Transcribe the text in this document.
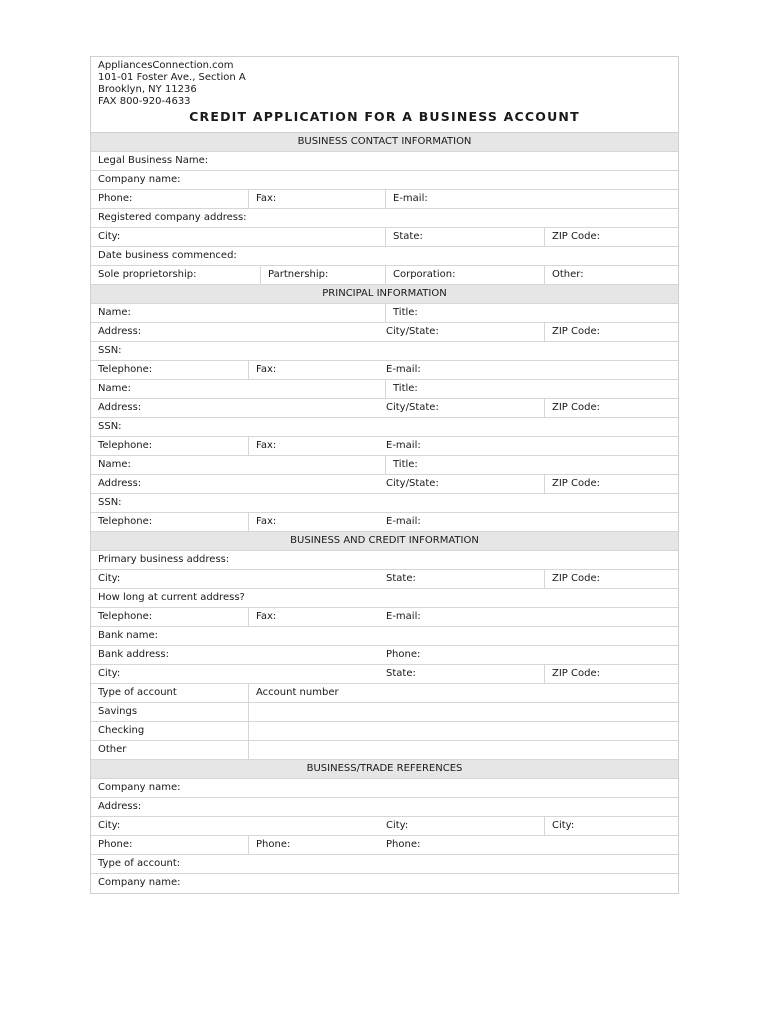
AppliancesConnection.com
101-01 Foster Ave., Section A
Brooklyn, NY 11236
FAX 800-920-4633
CREDIT APPLICATION FOR A BUSINESS ACCOUNT
BUSINESS CONTACT INFORMATION
Legal Business Name:
Company name:
Phone:	Fax:	E-mail:
Registered company address:
City:	State:	ZIP Code:
Date business commenced:
Sole proprietorship:	Partnership:	Corporation:	Other:
PRINCIPAL INFORMATION
Name:	Title:
Address:	City/State:	ZIP Code:
SSN:
Telephone:	Fax:	E-mail:
Name:	Title:
Address:	City/State:	ZIP Code:
SSN:
Telephone:	Fax:	E-mail:
Name:	Title:
Address:	City/State:	ZIP Code:
SSN:
Telephone:	Fax:	E-mail:
BUSINESS AND CREDIT INFORMATION
Primary business address:
City:	State:	ZIP Code:
How long at current address?
Telephone:	Fax:	E-mail:
Bank name:
Bank address:	Phone:
City:	State:	ZIP Code:
Type of account	Account number
Savings
Checking
Other
BUSINESS/TRADE REFERENCES
Company name:
Address:
City:	City:	City:
Phone:	Phone:	Phone:
Type of account:
Company name:
